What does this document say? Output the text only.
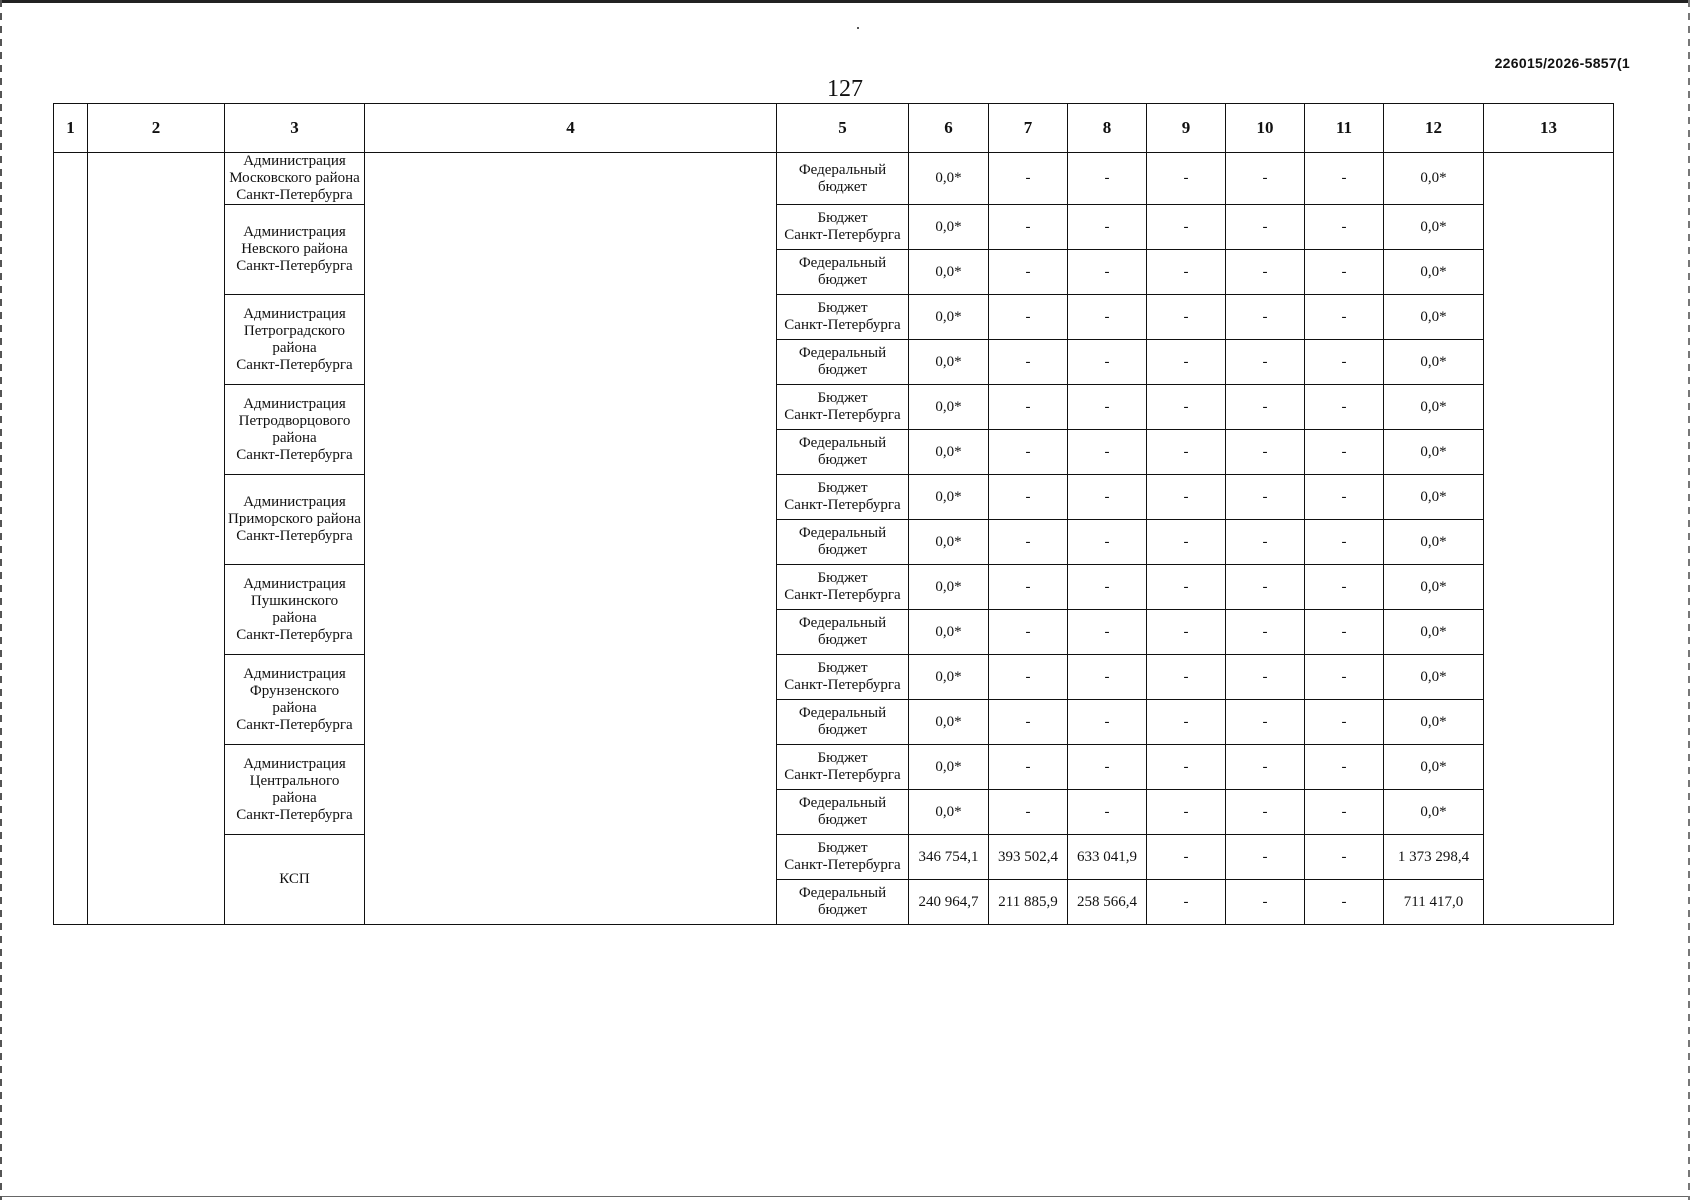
226015/2026-5857(1
127
1	2	3	4	5	6	7	8	9	10	11	12	13
		Администрация
Московского района
Санкт-Петербурга		Федеральный
бюджет	0,0*	-	-	-	-	-	0,0*	
		Администрация
Невского района
Санкт-Петербурга		Бюджет
Санкт-Петербурга	0,0*	-	-	-	-	-	0,0*	
				Федеральный
бюджет	0,0*	-	-	-	-	-	0,0*	
		Администрация
Петроградского
района
Санкт-Петербурга		Бюджет
Санкт-Петербурга	0,0*	-	-	-	-	-	0,0*	
				Федеральный
бюджет	0,0*	-	-	-	-	-	0,0*	
		Администрация
Петродворцового
района
Санкт-Петербурга		Бюджет
Санкт-Петербурга	0,0*	-	-	-	-	-	0,0*	
				Федеральный
бюджет	0,0*	-	-	-	-	-	0,0*	
		Администрация
Приморского района
Санкт-Петербурга		Бюджет
Санкт-Петербурга	0,0*	-	-	-	-	-	0,0*	
				Федеральный
бюджет	0,0*	-	-	-	-	-	0,0*	
		Администрация
Пушкинского
района
Санкт-Петербурга		Бюджет
Санкт-Петербурга	0,0*	-	-	-	-	-	0,0*	
				Федеральный
бюджет	0,0*	-	-	-	-	-	0,0*	
		Администрация
Фрунзенского
района
Санкт-Петербурга		Бюджет
Санкт-Петербурга	0,0*	-	-	-	-	-	0,0*	
				Федеральный
бюджет	0,0*	-	-	-	-	-	0,0*	
		Администрация
Центрального
района
Санкт-Петербурга		Бюджет
Санкт-Петербурга	0,0*	-	-	-	-	-	0,0*	
				Федеральный
бюджет	0,0*	-	-	-	-	-	0,0*	
		КСП		Бюджет
Санкт-Петербурга	346 754,1	393 502,4	633 041,9	-	-	-	1 373 298,4	
				Федеральный
бюджет	240 964,7	211 885,9	258 566,4	-	-	-	711 417,0	
